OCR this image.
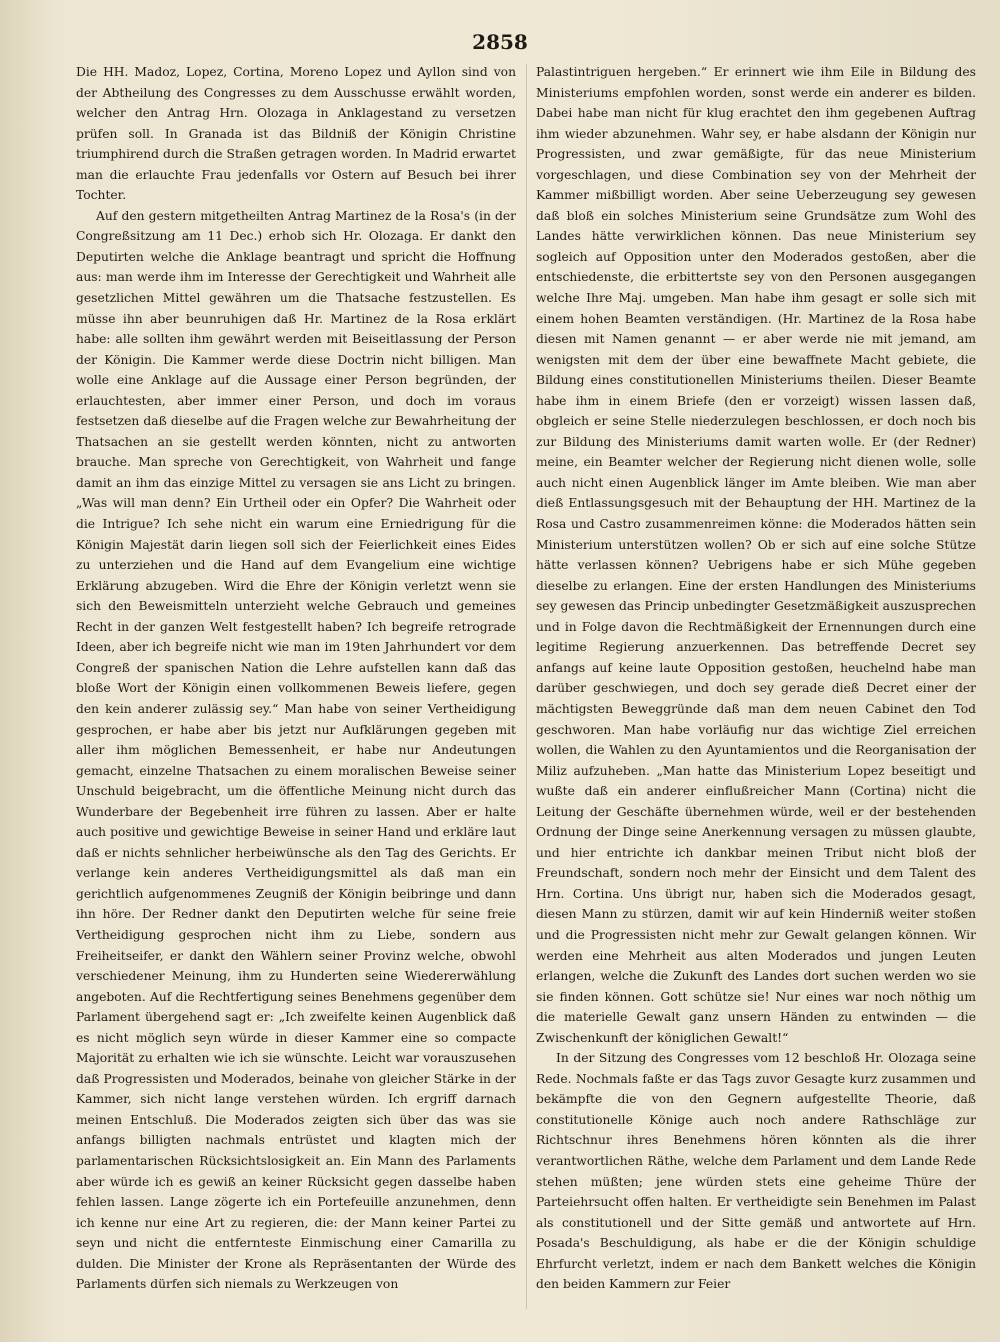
2858

Die HH. Madoz, Lopez, Cortina, Moreno Lopez und Ayllon sind von der Abtheilung des Congresses zu dem Ausschusse erwählt worden, welcher den Antrag Hrn. Olozaga in Anklagestand zu versetzen prüfen soll. In Granada ist das Bildniß der Königin Christine triumphirend durch die Straßen getragen worden. In Madrid erwartet man die erlauchte Frau jedenfalls vor Ostern auf Besuch bei ihrer Tochter.

Auf den gestern mitgetheilten Antrag Martinez de la Rosa's (in der Congreßsitzung am 11 Dec.) erhob sich Hr. Olozaga. Er dankt den Deputirten welche die Anklage beantragt und spricht die Hoffnung aus: man werde ihm im Interesse der Gerechtigkeit und Wahrheit alle gesetzlichen Mittel gewähren um die Thatsache festzustellen. Es müsse ihn aber beunruhigen daß Hr. Martinez de la Rosa erklärt habe: alle sollten ihm gewährt werden mit Beiseitlassung der Person der Königin. Die Kammer werde diese Doctrin nicht billigen. Man wolle eine Anklage auf die Aussage einer Person begründen, der erlauchtesten, aber immer einer Person, und doch im voraus festsetzen daß dieselbe auf die Fragen welche zur Bewahrheitung der Thatsachen an sie gestellt werden könnten, nicht zu antworten brauche. Man spreche von Gerechtigkeit, von Wahrheit und fange damit an ihm das einzige Mittel zu versagen sie ans Licht zu bringen. „Was will man denn? Ein Urtheil oder ein Opfer? Die Wahrheit oder die Intrigue? Ich sehe nicht ein warum eine Erniedrigung für die Königin Majestät darin liegen soll sich der Feierlichkeit eines Eides zu unterziehen und die Hand auf dem Evangelium eine wichtige Erklärung abzugeben. Wird die Ehre der Königin verletzt wenn sie sich den Beweismitteln unterzieht welche Gebrauch und gemeines Recht in der ganzen Welt festgestellt haben? Ich begreife retrograde Ideen, aber ich begreife nicht wie man im 19ten Jahrhundert vor dem Congreß der spanischen Nation die Lehre aufstellen kann daß das bloße Wort der Königin einen vollkommenen Beweis liefere, gegen den kein anderer zulässig sey.“ Man habe von seiner Vertheidigung gesprochen, er habe aber bis jetzt nur Aufklärungen gegeben mit aller ihm möglichen Bemessenheit, er habe nur Andeutungen gemacht, einzelne Thatsachen zu einem moralischen Beweise seiner Unschuld beigebracht, um die öffentliche Meinung nicht durch das Wunderbare der Begebenheit irre führen zu lassen. Aber er halte auch positive und gewichtige Beweise in seiner Hand und erkläre laut daß er nichts sehnlicher herbeiwünsche als den Tag des Gerichts. Er verlange kein anderes Vertheidigungsmittel als daß man ein gerichtlich aufgenommenes Zeugniß der Königin beibringe und dann ihn höre. Der Redner dankt den Deputirten welche für seine freie Vertheidigung gesprochen nicht ihm zu Liebe, sondern aus Freiheitseifer, er dankt den Wählern seiner Provinz welche, obwohl verschiedener Meinung, ihm zu Hunderten seine Wiedererwählung angeboten. Auf die Rechtfertigung seines Benehmens gegenüber dem Parlament übergehend sagt er: „Ich zweifelte keinen Augenblick daß es nicht möglich seyn würde in dieser Kammer eine so compacte Majorität zu erhalten wie ich sie wünschte. Leicht war vorauszusehen daß Progressisten und Moderados, beinahe von gleicher Stärke in der Kammer, sich nicht lange verstehen würden. Ich ergriff darnach meinen Entschluß. Die Moderados zeigten sich über das was sie anfangs billigten nachmals entrüstet und klagten mich der parlamentarischen Rücksichtslosigkeit an. Ein Mann des Parlaments aber würde ich es gewiß an keiner Rücksicht gegen dasselbe haben fehlen lassen. Lange zögerte ich ein Portefeuille anzunehmen, denn ich kenne nur eine Art zu regieren, die: der Mann keiner Partei zu seyn und nicht die entfernteste Einmischung einer Camarilla zu dulden. Die Minister der Krone als Repräsentanten der Würde des Parlaments dürfen sich niemals zu Werkzeugen von

Palastintriguen hergeben.“ Er erinnert wie ihm Eile in Bildung des Ministeriums empfohlen worden, sonst werde ein anderer es bilden. Dabei habe man nicht für klug erachtet den ihm gegebenen Auftrag ihm wieder abzunehmen. Wahr sey, er habe alsdann der Königin nur Progressisten, und zwar gemäßigte, für das neue Ministerium vorgeschlagen, und diese Combination sey von der Mehrheit der Kammer mißbilligt worden. Aber seine Ueberzeugung sey gewesen daß bloß ein solches Ministerium seine Grundsätze zum Wohl des Landes hätte verwirklichen können. Das neue Ministerium sey sogleich auf Opposition unter den Moderados gestoßen, aber die entschiedenste, die erbittertste sey von den Personen ausgegangen welche Ihre Maj. umgeben. Man habe ihm gesagt er solle sich mit einem hohen Beamten verständigen. (Hr. Martinez de la Rosa habe diesen mit Namen genannt — er aber werde nie mit jemand, am wenigsten mit dem der über eine bewaffnete Macht gebiete, die Bildung eines constitutionellen Ministeriums theilen. Dieser Beamte habe ihm in einem Briefe (den er vorzeigt) wissen lassen daß, obgleich er seine Stelle niederzulegen beschlossen, er doch noch bis zur Bildung des Ministeriums damit warten wolle. Er (der Redner) meine, ein Beamter welcher der Regierung nicht dienen wolle, solle auch nicht einen Augenblick länger im Amte bleiben. Wie man aber dieß Entlassungsgesuch mit der Behauptung der HH. Martinez de la Rosa und Castro zusammenreimen könne: die Moderados hätten sein Ministerium unterstützen wollen? Ob er sich auf eine solche Stütze hätte verlassen können? Uebrigens habe er sich Mühe gegeben dieselbe zu erlangen. Eine der ersten Handlungen des Ministeriums sey gewesen das Princip unbedingter Gesetzmäßigkeit auszusprechen und in Folge davon die Rechtmäßigkeit der Ernennungen durch eine legitime Regierung anzuerkennen. Das betreffende Decret sey anfangs auf keine laute Opposition gestoßen, heuchelnd habe man darüber geschwiegen, und doch sey gerade dieß Decret einer der mächtigsten Beweggründe daß man dem neuen Cabinet den Tod geschworen. Man habe vorläufig nur das wichtige Ziel erreichen wollen, die Wahlen zu den Ayuntamientos und die Reorganisation der Miliz aufzuheben. „Man hatte das Ministerium Lopez beseitigt und wußte daß ein anderer einflußreicher Mann (Cortina) nicht die Leitung der Geschäfte übernehmen würde, weil er der bestehenden Ordnung der Dinge seine Anerkennung versagen zu müssen glaubte, und hier entrichte ich dankbar meinen Tribut nicht bloß der Freundschaft, sondern noch mehr der Einsicht und dem Talent des Hrn. Cortina. Uns übrigt nur, haben sich die Moderados gesagt, diesen Mann zu stürzen, damit wir auf kein Hinderniß weiter stoßen und die Progressisten nicht mehr zur Gewalt gelangen können. Wir werden eine Mehrheit aus alten Moderados und jungen Leuten erlangen, welche die Zukunft des Landes dort suchen werden wo sie sie finden können. Gott schütze sie! Nur eines war noch nöthig um die materielle Gewalt ganz unsern Händen zu entwinden — die Zwischenkunft der königlichen Gewalt!“

In der Sitzung des Congresses vom 12 beschloß Hr. Olozaga seine Rede. Nochmals faßte er das Tags zuvor Gesagte kurz zusammen und bekämpfte die von den Gegnern aufgestellte Theorie, daß constitutionelle Könige auch noch andere Rathschläge zur Richtschnur ihres Benehmens hören könnten als die ihrer verantwortlichen Räthe, welche dem Parlament und dem Lande Rede stehen müßten; jene würden stets eine geheime Thüre der Parteiehrsucht offen halten. Er vertheidigte sein Benehmen im Palast als constitutionell und der Sitte gemäß und antwortete auf Hrn. Posada's Beschuldigung, als habe er die der Königin schuldige Ehrfurcht verletzt, indem er nach dem Bankett welches die Königin den beiden Kammern zur Feier
